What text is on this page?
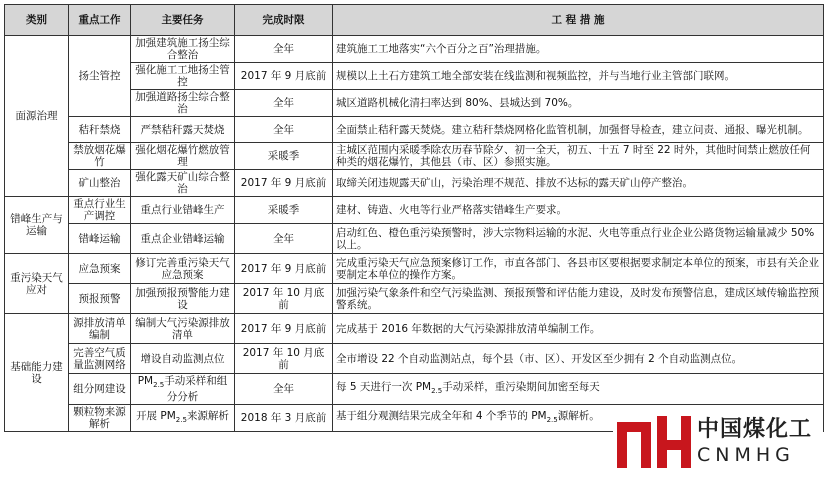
类别	重点工作	主要任务	完成时限	工 程 措 施
面源治理	扬尘管控	加强建筑施工扬尘综合整治	全年	建筑施工工地落实“六个百分之百”治理措施。
		强化施工工地扬尘管控	2017 年 9 月底前	规模以上土石方建筑工地全部安装在线监测和视频监控，并与当地行业主管部门联网。
		加强道路扬尘综合整治	全年	城区道路机械化清扫率达到 80%、县城达到 70%。
	秸秆禁烧	严禁秸秆露天焚烧	全年	全面禁止秸秆露天焚烧。建立秸秆禁烧网格化监管机制，加强督导检查，建立问责、通报、曝光机制。
	禁放烟花爆竹	强化烟花爆竹燃放管理	采暖季	主城区范围内采暖季除农历春节除夕、初一全天，初五、十五 7 时至 22 时外，其他时间禁止燃放任何种类的烟花爆竹，其他县（市、区）参照实施。
	矿山整治	强化露天矿山综合整治	2017 年 9 月底前	取缔关闭违规露天矿山，污染治理不规范、排放不达标的露天矿山停产整治。
错峰生产与运输	重点行业生产调控	重点行业错峰生产	采暖季	建材、铸造、火电等行业严格落实错峰生产要求。
	错峰运输	重点企业错峰运输	全年	启动红色、橙色重污染预警时，涉大宗物料运输的水泥、火电等重点行业企业公路货物运输量减少 50%以上。
重污染天气应对	应急预案	修订完善重污染天气应急预案	2017 年 9 月底前	完成重污染天气应急预案修订工作，市直各部门、各县市区要根据要求制定本单位的预案，市县有关企业要制定本单位的操作方案。
	预报预警	加强预报预警能力建设	2017 年 10 月底前	加强污染气象条件和空气污染监测、预报预警和评估能力建设，及时发布预警信息，建成区域传输监控预警系统。
基础能力建设	源排放清单编制	编制大气污染源排放清单	2017 年 9 月底前	完成基于 2016 年数据的大气污染源排放清单编制工作。
	完善空气质量监测网络	增设自动监测点位	2017 年 10 月底前	全市增设 22 个自动监测站点，每个县（市、区）、开发区至少拥有 2 个自动监测点位。
	组分网建设	$PM_{2.5}$手动采样和组分分析	全年	每 5 天进行一次 $PM_{2.5}$手动采样，重污染期间加密至每天
	颗粒物来源解析	开展 $PM_{2.5}$来源解析	2018 年 3 月底前	基于组分观测结果完成全年和 4 个季节的 $PM_{2.5}$源解析。
中国煤化工
CNMHG
